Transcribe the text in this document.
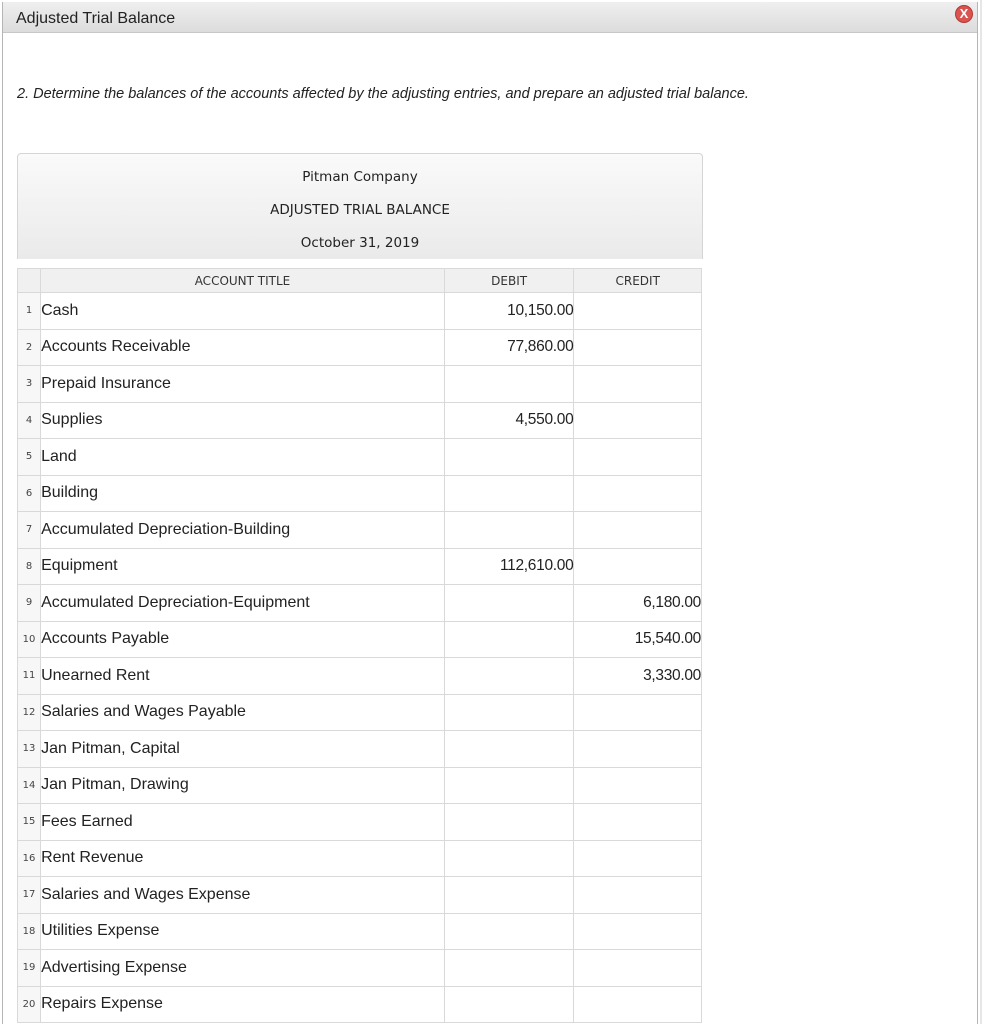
Adjusted Trial Balance	X
2. Determine the balances of the accounts affected by the adjusting entries, and prepare an adjusted trial balance.
Pitman Company
ADJUSTED TRIAL BALANCE
October 31, 2019
	ACCOUNT TITLE	DEBIT	CREDIT
1	Cash	10,150.00	
2	Accounts Receivable	77,860.00	
3	Prepaid Insurance		
4	Supplies	4,550.00	
5	Land		
6	Building		
7	Accumulated Depreciation-Building		
8	Equipment	112,610.00	
9	Accumulated Depreciation-Equipment		6,180.00
10	Accounts Payable		15,540.00
11	Unearned Rent		3,330.00
12	Salaries and Wages Payable		
13	Jan Pitman, Capital		
14	Jan Pitman, Drawing		
15	Fees Earned		
16	Rent Revenue		
17	Salaries and Wages Expense		
18	Utilities Expense		
19	Advertising Expense		
20	Repairs Expense		
